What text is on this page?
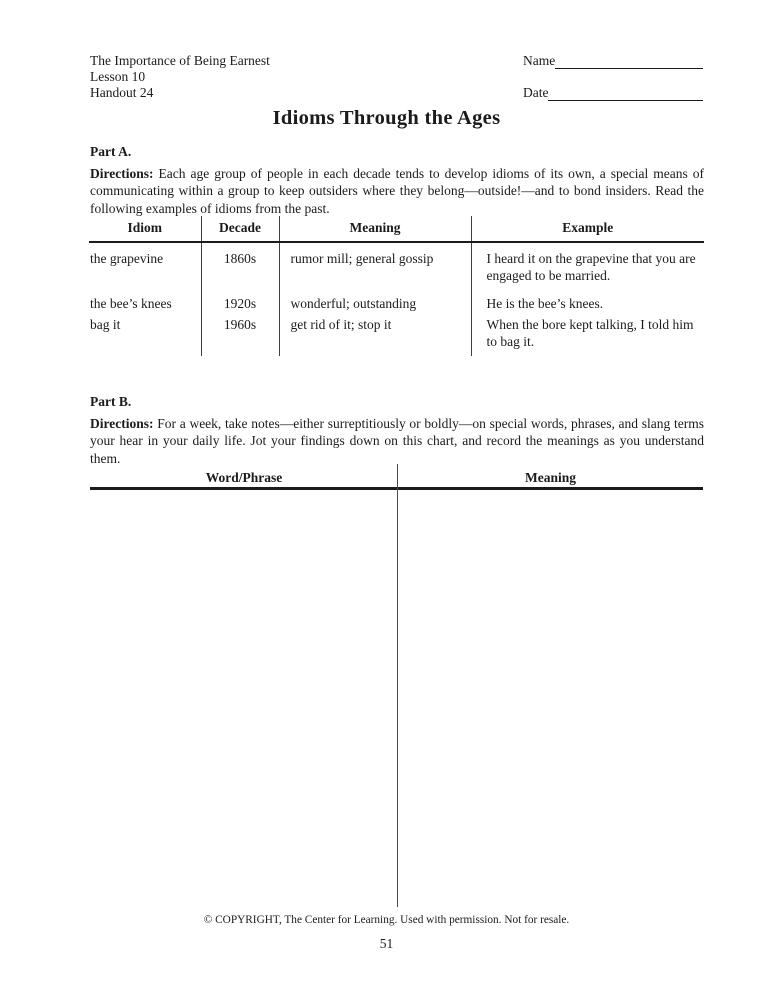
The Importance of Being Earnest
Lesson 10
Handout 24
Name
Date
Idioms Through the Ages
Part A.

Directions: Each age group of people in each decade tends to develop idioms of its own, a special means of communicating within a group to keep outsiders where they belong—outside!—and to bond insiders. Read the following examples of idioms from the past.

Idiom	Decade	Meaning	Example
the grapevine	1860s	rumor mill; general gossip	I heard it on the grapevine that you are engaged to be married.
the bee’s knees	1920s	wonderful; outstanding	He is the bee’s knees.
bag it	1960s	get rid of it; stop it	When the bore kept talking, I told him to bag it.
Part B.

Directions: For a week, take notes—either surreptitiously or boldly—on special words, phrases, and slang terms your hear in your daily life. Jot your findings down on this chart, and record the meanings as you understand them.

Word/Phrase	Meaning
© COPYRIGHT, The Center for Learning. Used with permission. Not for resale.
51
